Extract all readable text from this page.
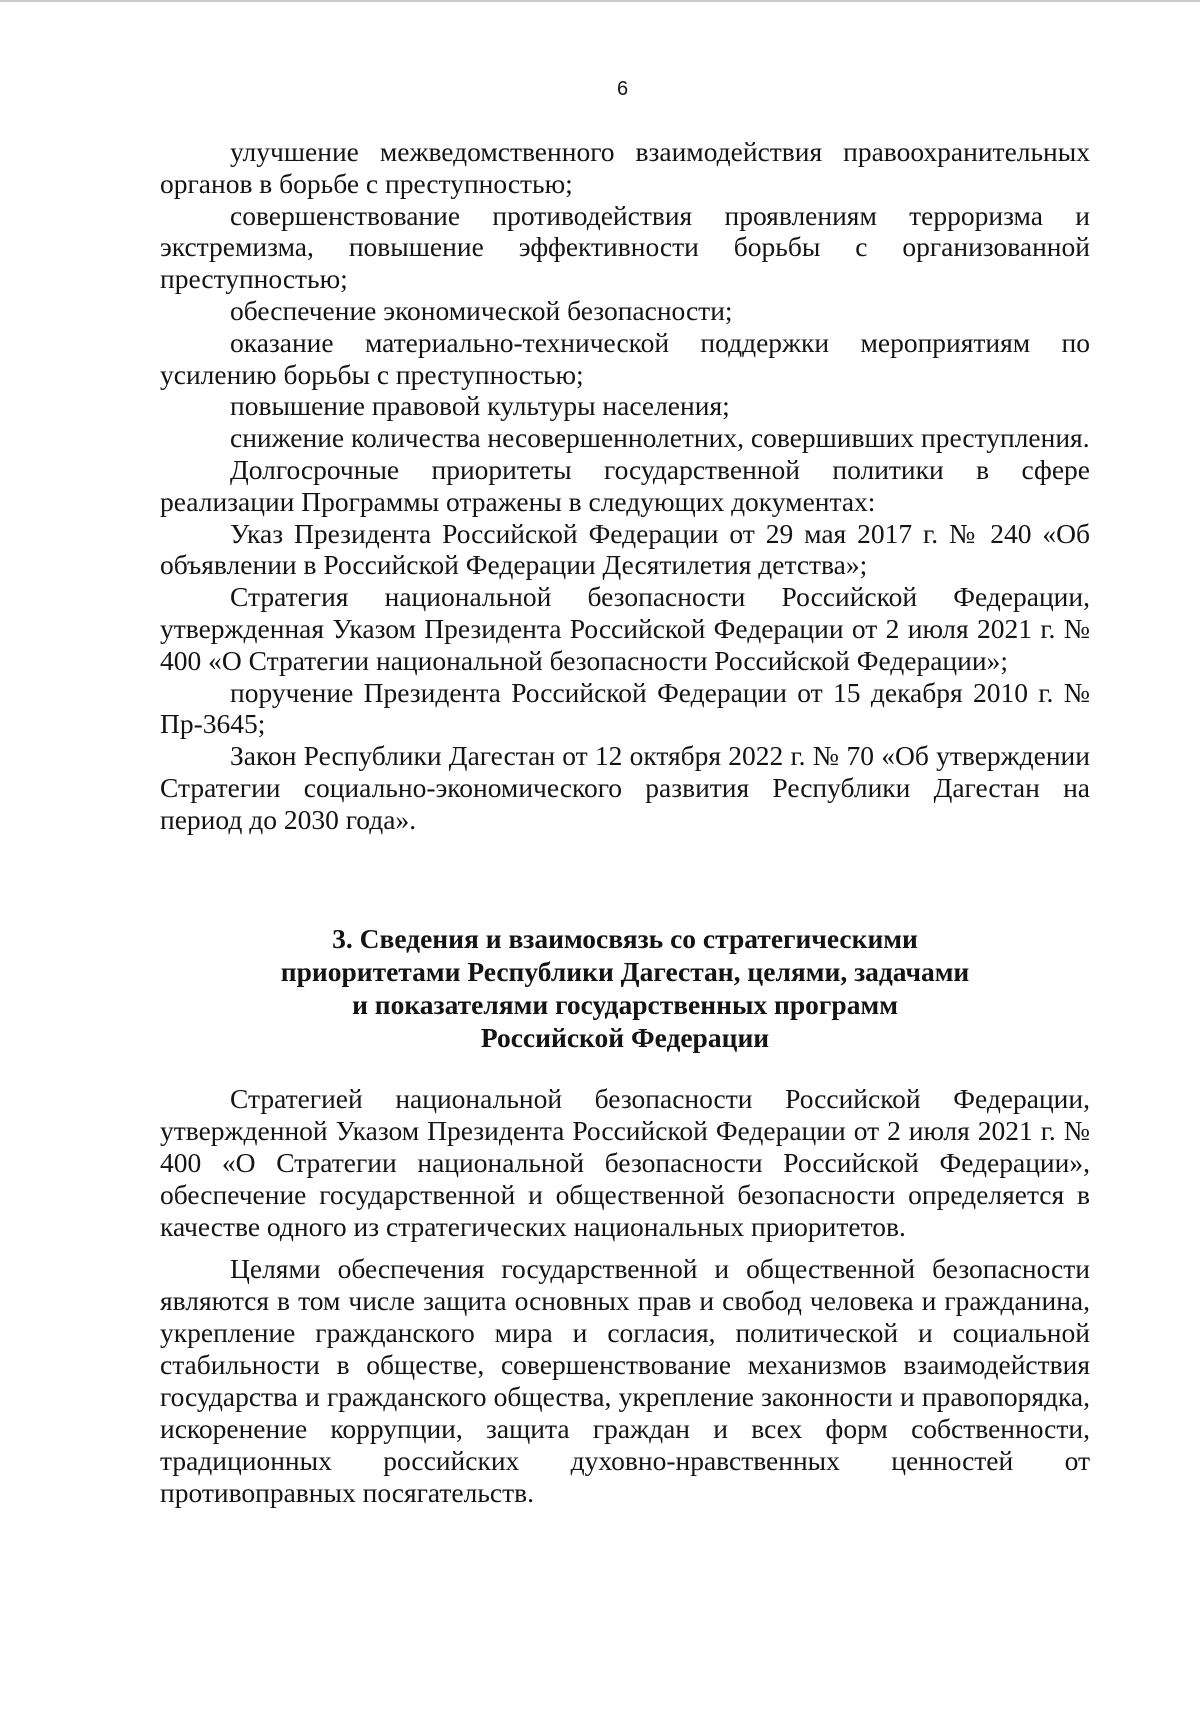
6

улучшение межведомственного взаимодействия правоохранительных органов в борьбе с преступностью;

совершенствование противодействия проявлениям терроризма и экстремизма, повышение эффективности борьбы с организованной преступностью;

обеспечение экономической безопасности;

оказание материально-технической поддержки мероприятиям по усилению борьбы с преступностью;

повышение правовой культуры населения;

снижение количества несовершеннолетних, совершивших преступления.

Долгосрочные приоритеты государственной политики в сфере реализации Программы отражены в следующих документах:

Указ Президента Российской Федерации от 29 мая 2017 г. № 240 «Об объявлении в Российской Федерации Десятилетия детства»;

Стратегия национальной безопасности Российской Федерации, утвержденная Указом Президента Российской Федерации от 2 июля 2021 г. № 400 «О Стратегии национальной безопасности Российской Федерации»;

поручение Президента Российской Федерации от 15 декабря 2010 г. № Пр-3645;

Закон Республики Дагестан от 12 октября 2022 г. № 70 «Об утверждении Стратегии социально-экономического развития Республики Дагестан на период до 2030 года».

3. Сведения и взаимосвязь со стратегическими
приоритетами Республики Дагестан, целями, задачами
и показателями государственных программ
Российской Федерации

Стратегией национальной безопасности Российской Федерации, утвержденной Указом Президента Российской Федерации от 2 июля 2021 г. № 400 «О Стратегии национальной безопасности Российской Федерации», обеспечение государственной и общественной безопасности определяется в качестве одного из стратегических национальных приоритетов.

Целями обеспечения государственной и общественной безопасности являются в том числе защита основных прав и свобод человека и гражданина, укрепление гражданского мира и согласия, политической и социальной стабильности в обществе, совершенствование механизмов взаимодействия государства и гражданского общества, укрепление законности и правопорядка, искоренение коррупции, защита граждан и всех форм собственности, традиционных российских духовно-нравственных ценностей от противоправных посягательств.
